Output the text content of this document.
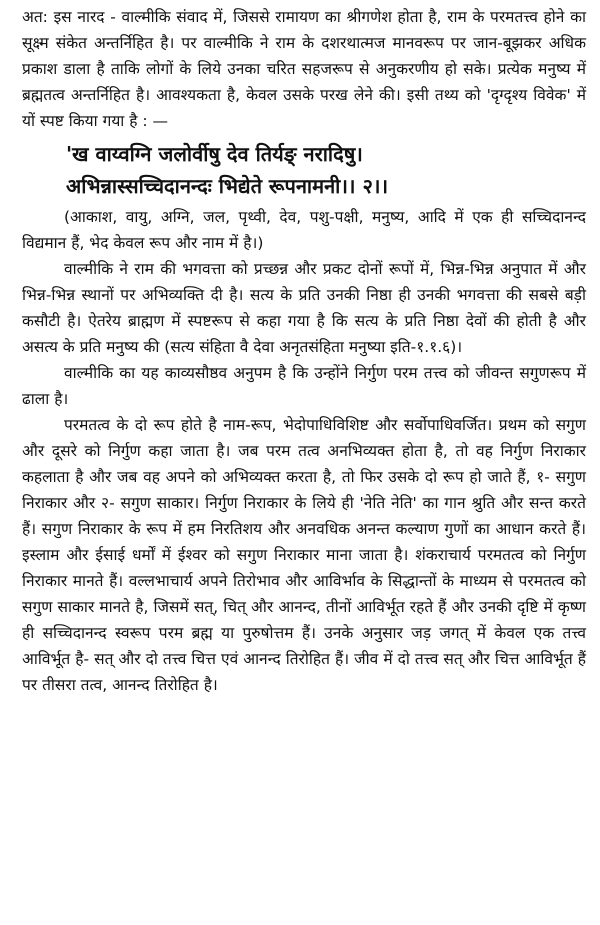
अत: इस नारद - वाल्मीकि संवाद में, जिससे रामायण का श्रीगणेश होता है, राम के परमतत्त्व होने का सूक्ष्म संकेत अन्तर्निहित है। पर वाल्मीकि ने राम के दशरथात्मज मानवरूप पर जान-बूझकर अधिक प्रकाश डाला है ताकि लोगों के लिये उनका चरित सहजरूप से अनुकरणीय हो सके। प्रत्येक मनुष्य में ब्रह्मतत्व अन्तर्निहित है। आवश्यकता है, केवल उसके परख लेने की। इसी तथ्य को 'दृग्दृश्य विवेक' में यों स्पष्ट किया गया है : —

'ख वाय्वग्नि जलोर्वीषु देव तिर्यङ् नरादिषु।
अभिन्नास्सच्चिदानन्दः भिद्येते रूपनामनी।। २।।

(आकाश, वायु, अग्नि, जल, पृथ्वी, देव, पशु-पक्षी, मनुष्य, आदि में एक ही सच्चिदानन्द विद्यमान हैं, भेद केवल रूप और नाम में है।)

वाल्मीकि ने राम की भगवत्ता को प्रच्छन्न और प्रकट दोनों रूपों में, भिन्न-भिन्न अनुपात में और भिन्न-भिन्न स्थानों पर अभिव्यक्ति दी है। सत्य के प्रति उनकी निष्ठा ही उनकी भगवत्ता की सबसे बड़ी कसौटी है। ऐतरेय ब्राह्मण में स्पष्टरूप से कहा गया है कि सत्य के प्रति निष्ठा देवों की होती है और असत्य के प्रति मनुष्य की (सत्य संहिता वै देवा अनृतसंहिता मनुष्या इति-१.१.६)।

वाल्मीकि का यह काव्यसौष्ठव अनुपम है कि उन्होंने निर्गुण परम तत्त्व को जीवन्त सगुणरूप में ढाला है।

परमतत्व के दो रूप होते है नाम-रूप, भेदोपाधिविशिष्ट और सर्वोपाधिवर्जित। प्रथम को सगुण और दूसरे को निर्गुण कहा जाता है। जब परम तत्व अनभिव्यक्त होता है, तो वह निर्गुण निराकार कहलाता है और जब वह अपने को अभिव्यक्त करता है, तो फिर उसके दो रूप हो जाते हैं, १- सगुण निराकार और २- सगुण साकार। निर्गुण निराकार के लिये ही 'नेति नेति' का गान श्रुति और सन्त करते हैं। सगुण निराकार के रूप में हम निरतिशय और अनवधिक अनन्त कल्याण गुणों का आधान करते हैं। इस्लाम और ईसाई धर्मों में ईश्वर को सगुण निराकार माना जाता है। शंकराचार्य परमतत्व को निर्गुण निराकार मानते हैं। वल्लभाचार्य अपने तिरोभाव और आविर्भाव के सिद्धान्तों के माध्यम से परमतत्व को सगुण साकार मानते है, जिसमें सत्, चित् और आनन्द, तीनों आविर्भूत रहते हैं और उनकी दृष्टि में कृष्ण ही सच्चिदानन्द स्वरूप परम ब्रह्म या पुरुषोत्तम हैं। उनके अनुसार जड़ जगत् में केवल एक तत्त्व आविर्भूत है- सत् और दो तत्त्व चित्त एवं आनन्द तिरोहित हैं। जीव में दो तत्त्व सत् और चित्त आविर्भूत हैं पर तीसरा तत्व, आनन्द तिरोहित है।
